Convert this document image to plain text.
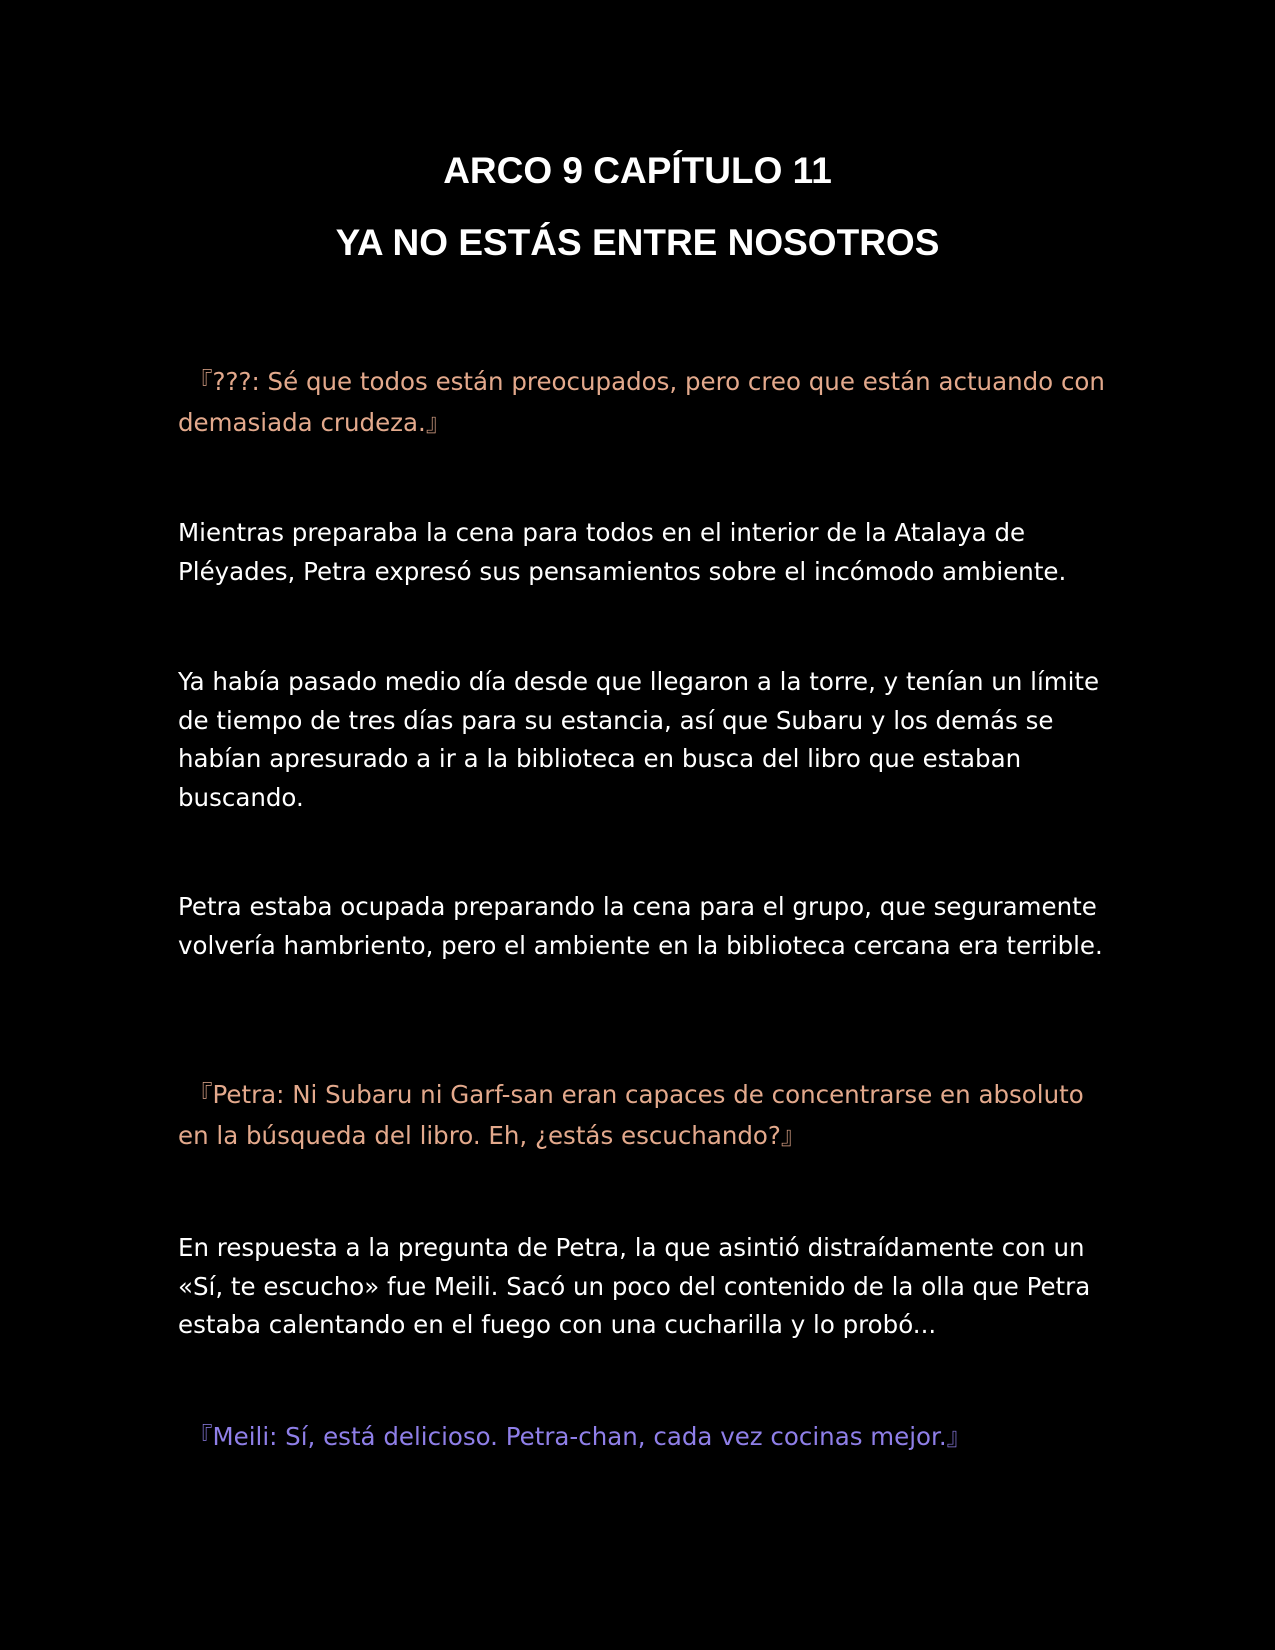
ARCO 9 CAPÍTULO 11
YA NO ESTÁS ENTRE NOSOTROS

『???: Sé que todos están preocupados, pero creo que están actuando con demasiada crudeza.』

Mientras preparaba la cena para todos en el interior de la Atalaya de Pléyades, Petra expresó sus pensamientos sobre el incómodo ambiente.

Ya había pasado medio día desde que llegaron a la torre, y tenían un límite de tiempo de tres días para su estancia, así que Subaru y los demás se habían apresurado a ir a la biblioteca en busca del libro que estaban buscando.

Petra estaba ocupada preparando la cena para el grupo, que seguramente volvería hambriento, pero el ambiente en la biblioteca cercana era terrible.

『Petra: Ni Subaru ni Garf-san eran capaces de concentrarse en absoluto en la búsqueda del libro. Eh, ¿estás escuchando?』

En respuesta a la pregunta de Petra, la que asintió distraídamente con un «Sí, te escucho» fue Meili. Sacó un poco del contenido de la olla que Petra estaba calentando en el fuego con una cucharilla y lo probó...

『Meili: Sí, está delicioso. Petra-chan, cada vez cocinas mejor.』
